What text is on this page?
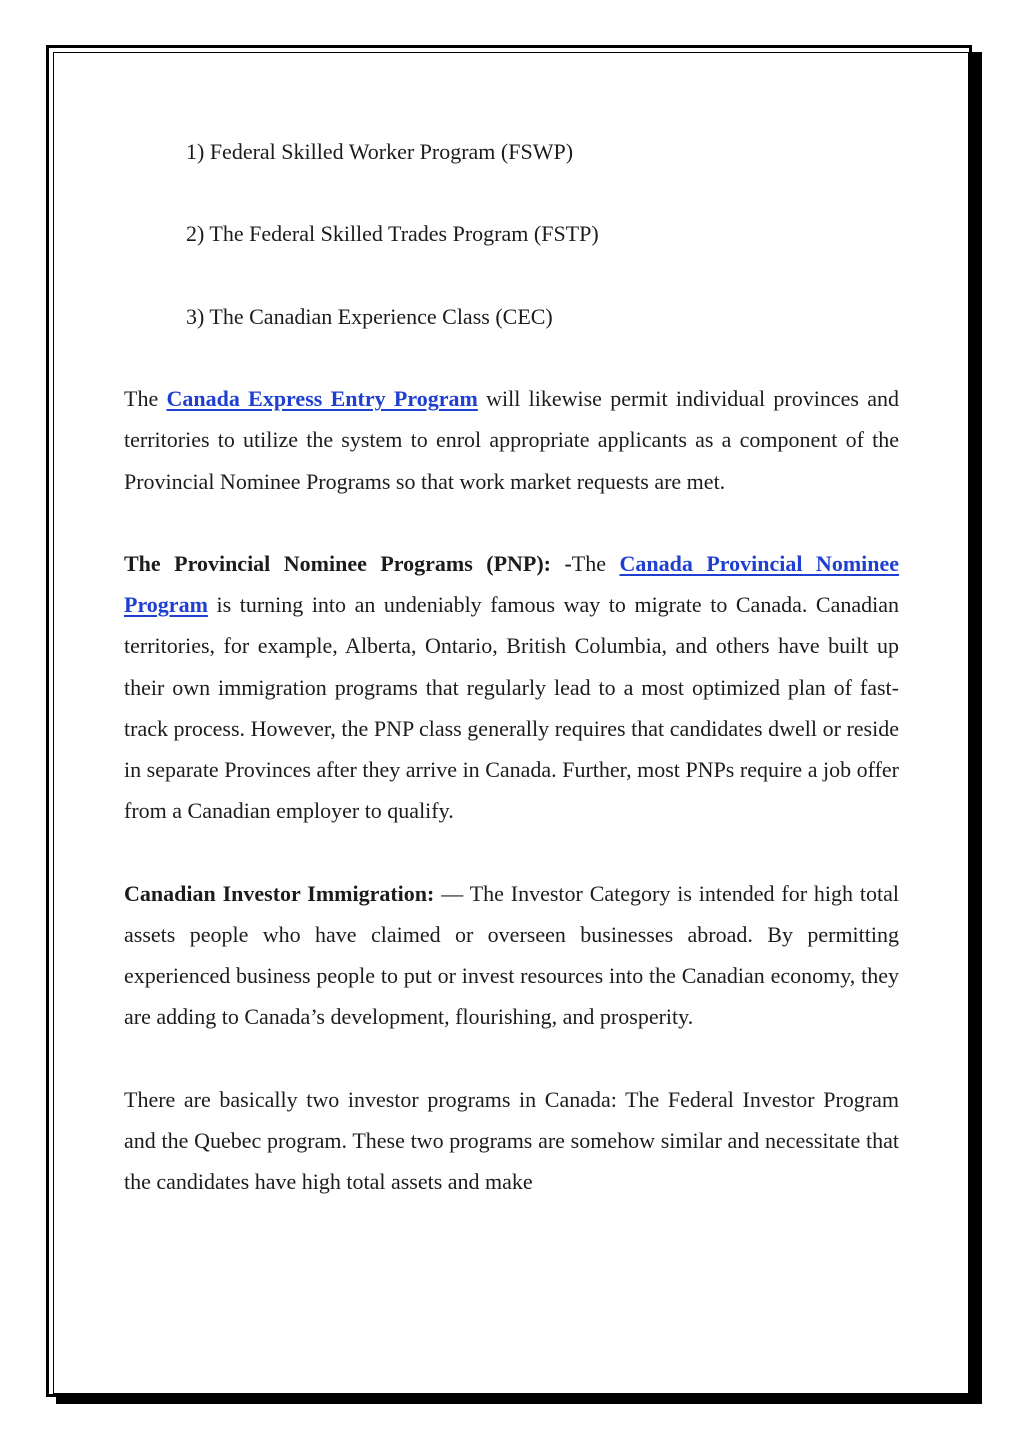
1) Federal Skilled Worker Program (FSWP)
2) The Federal Skilled Trades Program (FSTP)
3) The Canadian Experience Class (CEC)

The Canada Express Entry Program will likewise permit individual provinces and territories to utilize the system to enrol appropriate applicants as a component of the Provincial Nominee Programs so that work market requests are met.

The Provincial Nominee Programs (PNP): -The Canada Provincial Nominee Program is turning into an undeniably famous way to migrate to Canada. Canadian territories, for example, Alberta, Ontario, British Columbia, and others have built up their own immigration programs that regularly lead to a most optimized plan of fast-track process. However, the PNP class generally requires that candidates dwell or reside in separate Provinces after they arrive in Canada. Further, most PNPs require a job offer from a Canadian employer to qualify.

Canadian Investor Immigration: — The Investor Category is intended for high total assets people who have claimed or overseen businesses abroad. By permitting experienced business people to put or invest resources into the Canadian economy, they are adding to Canada’s development, flourishing, and prosperity.

There are basically two investor programs in Canada: The Federal Investor Program and the Quebec program. These two programs are somehow similar and necessitate that the candidates have high total assets and make
